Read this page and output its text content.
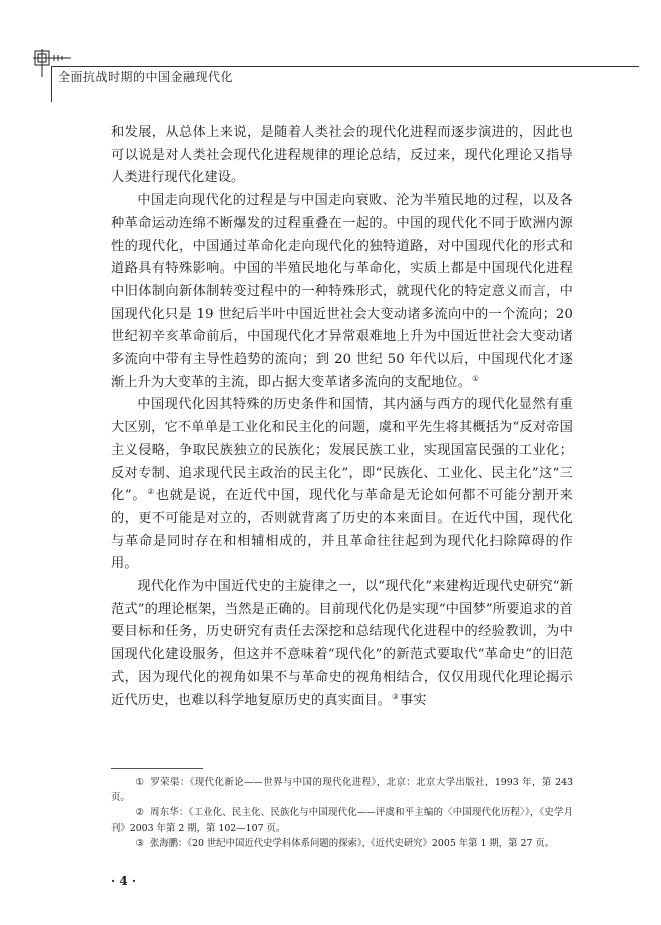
全面抗战时期的中国金融现代化

和发展，从总体上来说，是随着人类社会的现代化进程而逐步演进的，因此也可以说是对人类社会现代化进程规律的理论总结，反过来，现代化理论又指导人类进行现代化建设。

中国走向现代化的过程是与中国走向衰败、沦为半殖民地的过程，以及各种革命运动连绵不断爆发的过程重叠在一起的。中国的现代化不同于欧洲内源性的现代化，中国通过革命化走向现代化的独特道路，对中国现代化的形式和道路具有特殊影响。中国的半殖民地化与革命化，实质上都是中国现代化进程中旧体制向新体制转变过程中的一种特殊形式，就现代化的特定意义而言，中国现代化只是 19 世纪后半叶中国近世社会大变动诸多流向中的一个流向；20 世纪初辛亥革命前后，中国现代化才异常艰难地上升为中国近世社会大变动诸多流向中带有主导性趋势的流向；到 20 世纪 50 年代以后，中国现代化才逐渐上升为大变革的主流，即占据大变革诸多流向的支配地位。①

中国现代化因其特殊的历史条件和国情，其内涵与西方的现代化显然有重大区别，它不单单是工业化和民主化的问题，虞和平先生将其概括为“反对帝国主义侵略，争取民族独立的民族化；发展民族工业，实现国富民强的工业化；反对专制、追求现代民主政治的民主化”，即“民族化、工业化、民主化”这“三化”。②也就是说，在近代中国，现代化与革命是无论如何都不可能分割开来的，更不可能是对立的，否则就背离了历史的本来面目。在近代中国，现代化与革命是同时存在和相辅相成的，并且革命往往起到为现代化扫除障碍的作用。

现代化作为中国近代史的主旋律之一，以“现代化”来建构近现代史研究“新范式”的理论框架，当然是正确的。目前现代化仍是实现“中国梦”所要追求的首要目标和任务，历史研究有责任去深挖和总结现代化进程中的经验教训，为中国现代化建设服务，但这并不意味着“现代化”的新范式要取代“革命史”的旧范式，因为现代化的视角如果不与革命史的视角相结合，仅仅用现代化理论揭示近代历史，也难以科学地复原历史的真实面目。③事实

① 罗荣渠：《现代化新论——世界与中国的现代化进程》，北京：北京大学出版社，1993 年，第 243 页。

② 周东华：《工业化、民主化、民族化与中国现代化——评虞和平主编的〈中国现代化历程〉》，《史学月刊》2003 年第 2 期，第 102—107 页。

③ 张海鹏：《20 世纪中国近代史学科体系问题的探索》，《近代史研究》2005 年第 1 期，第 27 页。

· 4 ·
